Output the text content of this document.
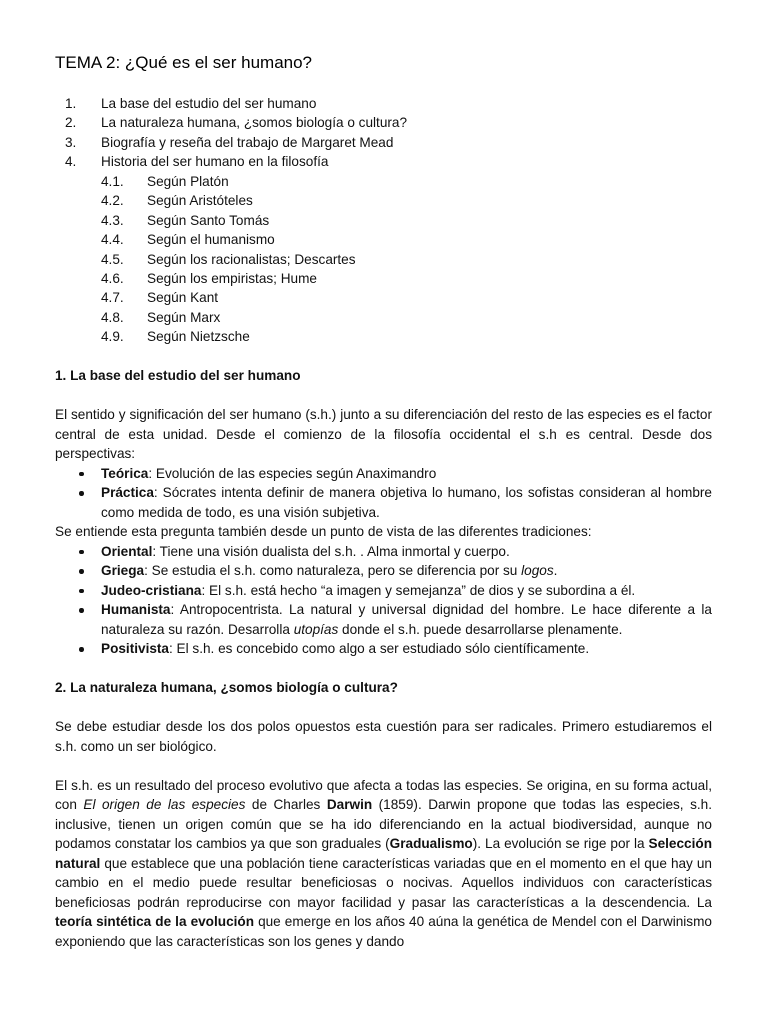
TEMA 2: ¿Qué es el ser humano?
1. La base del estudio del ser humano
2. La naturaleza humana, ¿somos biología o cultura?
3. Biografía y reseña del trabajo de Margaret Mead
4. Historia del ser humano en la filosofía
4.1. Según Platón
4.2. Según Aristóteles
4.3. Según Santo Tomás
4.4. Según el humanismo
4.5. Según los racionalistas; Descartes
4.6. Según los empiristas; Hume
4.7. Según Kant
4.8. Según Marx
4.9. Según Nietzsche
1. La base del estudio del ser humano

El sentido y significación del ser humano (s.h.) junto a su diferenciación del resto de las especies es el factor central de esta unidad. Desde el comienzo de la filosofía occidental el s.h es central. Desde dos perspectivas:

Teórica: Evolución de las especies según Anaximandro
Práctica: Sócrates intenta definir de manera objetiva lo humano, los sofistas consideran al hombre como medida de todo, es una visión subjetiva.

Se entiende esta pregunta también desde un punto de vista de las diferentes tradiciones:

Oriental: Tiene una visión dualista del s.h. . Alma inmortal y cuerpo.
Griega: Se estudia el s.h. como naturaleza, pero se diferencia por su logos.
Judeo-cristiana: El s.h. está hecho “a imagen y semejanza” de dios y se subordina a él.
Humanista: Antropocentrista. La natural y universal dignidad del hombre. Le hace diferente a la naturaleza su razón. Desarrolla utopías donde el s.h. puede desarrollarse plenamente.
Positivista: El s.h. es concebido como algo a ser estudiado sólo científicamente.
2. La naturaleza humana, ¿somos biología o cultura?

Se debe estudiar desde los dos polos opuestos esta cuestión para ser radicales. Primero estudiaremos el s.h. como un ser biológico.

El s.h. es un resultado del proceso evolutivo que afecta a todas las especies. Se origina, en su forma actual, con El origen de las especies de Charles Darwin (1859). Darwin propone que todas las especies, s.h. inclusive, tienen un origen común que se ha ido diferenciando en la actual biodiversidad, aunque no podamos constatar los cambios ya que son graduales (Gradualismo). La evolución se rige por la Selección natural que establece que una población tiene características variadas que en el momento en el que hay un cambio en el medio puede resultar beneficiosas o nocivas. Aquellos individuos con características beneficiosas podrán reproducirse con mayor facilidad y pasar las características a la descendencia. La teoría sintética de la evolución que emerge en los años 40 aúna la genética de Mendel con el Darwinismo exponiendo que las características son los genes y dando
